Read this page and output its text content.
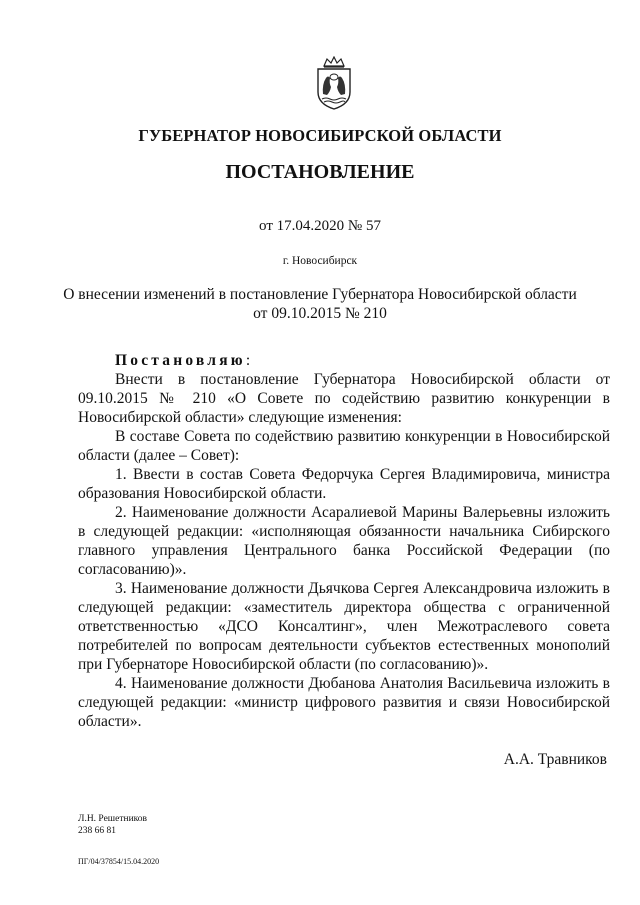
ГУБЕРНАТОР НОВОСИБИРСКОЙ ОБЛАСТИ
ПОСТАНОВЛЕНИЕ
от 17.04.2020 № 57
г. Новосибирск
О внесении изменений в постановление Губернатора Новосибирской области
от 09.10.2015 № 210

Постановляю:

Внести в постановление Губернатора Новосибирской области от 09.10.2015 № 210 «О Совете по содействию развитию конкуренции в Новосибирской области» следующие изменения:

В составе Совета по содействию развитию конкуренции в Новосибирской области (далее – Совет):

1. Ввести в состав Совета Федорчука Сергея Владимировича, министра образования Новосибирской области.

2. Наименование должности Асаралиевой Марины Валерьевны изложить в следующей редакции: «исполняющая обязанности начальника Сибирского главного управления Центрального банка Российской Федерации (по согласованию)».

3. Наименование должности Дьячкова Сергея Александровича изложить в следующей редакции: «заместитель директора общества с ограниченной ответственностью «ДСО Консалтинг», член Межотраслевого совета потребителей по вопросам деятельности субъектов естественных монополий при Губернаторе Новосибирской области (по согласованию)».

4. Наименование должности Дюбанова Анатолия Васильевича изложить в следующей редакции: «министр цифрового развития и связи Новосибирской области».

А.А. Травников
Л.Н. Решетников
238 66 81
ПГ/04/37854/15.04.2020
